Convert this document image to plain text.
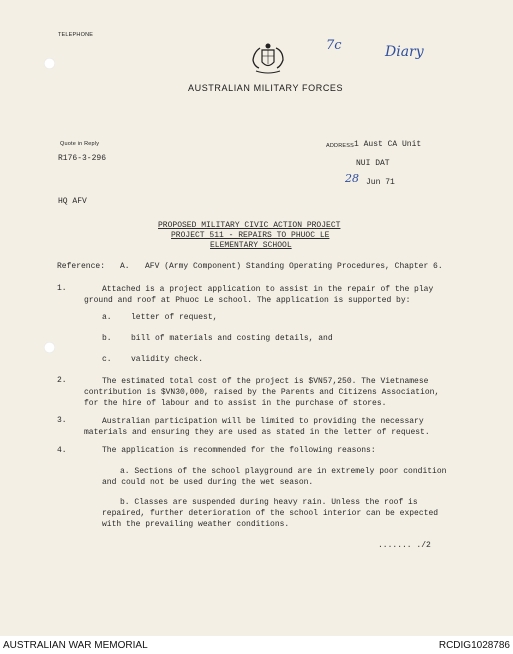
TELEPHONE
7c	Diary
AUSTRALIAN MILITARY FORCES
Quote in Reply
R176-3-296
ADDRESS 1 Aust CA Unit
NUI DAT
28 Jun 71
HQ AFV
PROPOSED MILITARY CIVIC ACTION PROJECT
PROJECT 511 - REPAIRS TO PHUOC LE
ELEMENTARY SCHOOL
Reference: A. AFV (Army Component) Standing Operating Procedures, Chapter 6.
1.	Attached is a project application to assist in the repair of the play ground and roof at Phuoc Le school. The application is supported by:
a. letter of request,
b. bill of materials and costing details, and
c. validity check.
2.	The estimated total cost of the project is $VN57,250. The Vietnamese contribution is $VN30,000, raised by the Parents and Citizens Association, for the hire of labour and to assist in the purchase of stores.
3.	Australian participation will be limited to providing the necessary materials and ensuring they are used as stated in the letter of request.
4.	The application is recommended for the following reasons:
a. Sections of the school playground are in extremely poor condition and could not be used during the wet season.
b. Classes are suspended during heavy rain. Unless the roof is repaired, further deterioration of the school interior can be expected with the prevailing weather conditions.
....... ./2
AUSTRALIAN WAR MEMORIAL	RCDIG1028786
